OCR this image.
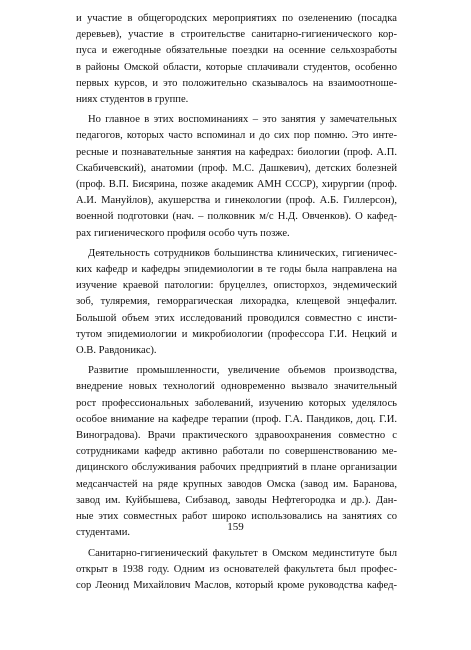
и участие в общегородских мероприятиях по озеленению (посадка
деревьев), участие в строительстве санитарно-гигиенического кор-
пуса и ежегодные обязательные поездки на осенние сельхозработы
в районы Омской области, которые сплачивали студентов, особенно
первых курсов, и это положительно сказывалось на взаимоотноше-
ниях студентов в группе.

Но главное в этих воспоминаниях – это занятия у замечательных
педагогов, которых часто вспоминал и до сих пор помню. Это инте-
ресные и познавательные занятия на кафедрах: биологии (проф. А.П.
Скабичевский), анатомии (проф. М.С. Дашкевич), детских болезней
(проф. В.П. Бисярина, позже академик АМН СССР), хирургии (проф.
А.И. Мануйлов), акушерства и гинекологии (проф. А.Б. Гиллерсон),
военной подготовки (нач. – полковник м/с Н.Д. Овченков). О кафед-
рах гигиенического профиля особо чуть позже.

Деятельность сотрудников большинства клинических, гигиеничес-
ких кафедр и кафедры эпидемиологии в те годы была направлена на
изучение краевой патологии: бруцеллез, описторхоз, эндемический
зоб, туляремия, геморрагическая лихорадка, клещевой энцефалит.
Большой объем этих исследований проводился совместно с инсти-
тутом эпидемиологии и микробиологии (профессора Г.И. Нецкий и
О.В. Равдоникас).

Развитие промышленности, увеличение объемов производства,
внедрение новых технологий одновременно вызвало значительный
рост профессиональных заболеваний, изучению которых уделялось
особое внимание на кафедре терапии (проф. Г.А. Пандиков, доц. Г.И.
Виноградова). Врачи практического здравоохранения совместно с
сотрудниками кафедр активно работали по совершенствованию ме-
дицинского обслуживания рабочих предприятий в плане организации
медсанчастей на ряде крупных заводов Омска (завод им. Баранова,
завод им. Куйбышева, Сибзавод, заводы Нефтегородка и др.). Дан-
ные этих совместных работ широко использовались на занятиях со
студентами.

Санитарно-гигиенический факультет в Омском мединституте был
открыт в 1938 году. Одним из основателей факультета был профес-
сор Леонид Михайлович Маслов, который кроме руководства кафед-

159
